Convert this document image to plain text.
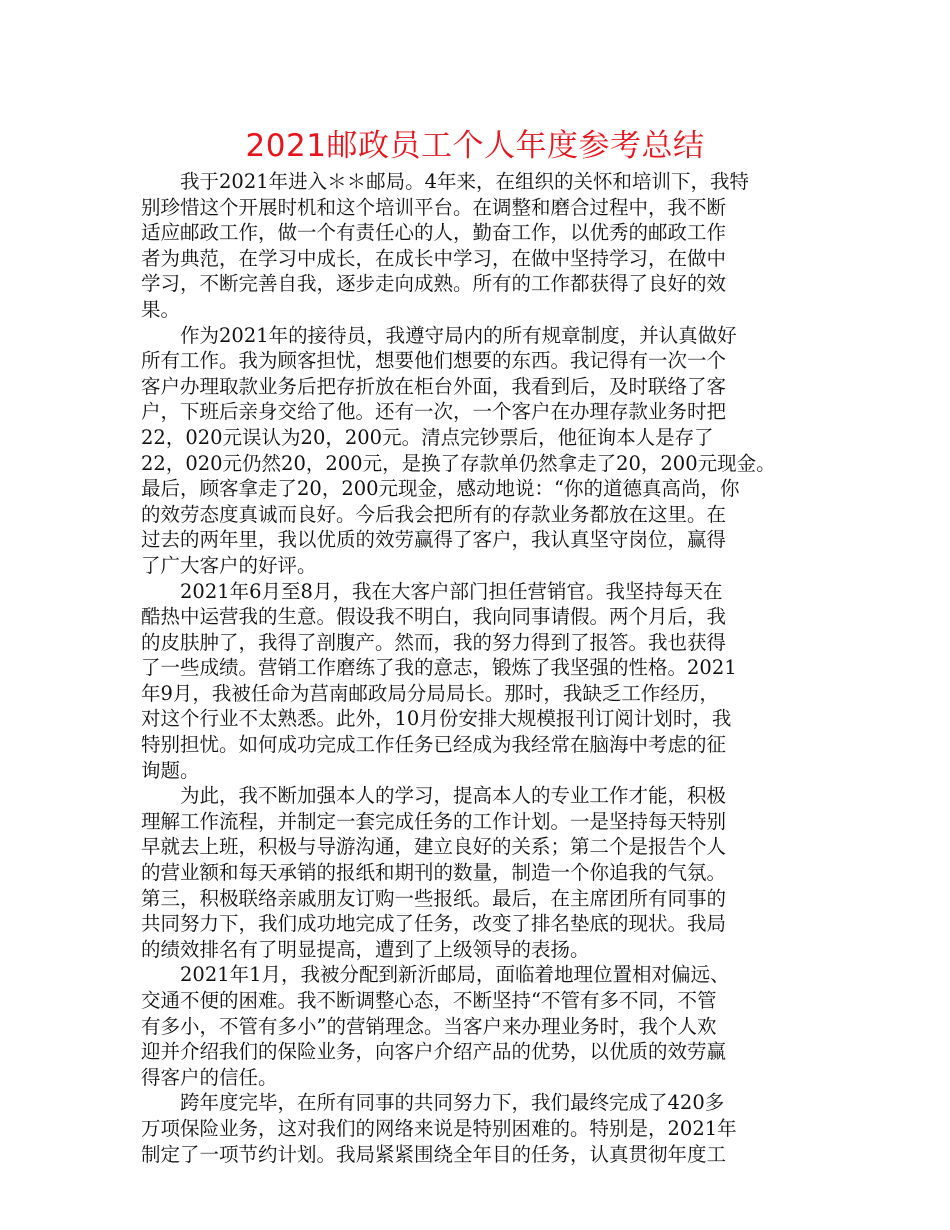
2021邮政员工个人年度参考总结
我于2021年进入＊＊邮局。4年来，在组织的关怀和培训下，我特
别珍惜这个开展时机和这个培训平台。在调整和磨合过程中，我不断
适应邮政工作，做一个有责任心的人，勤奋工作，以优秀的邮政工作
者为典范，在学习中成长，在成长中学习，在做中坚持学习，在做中
学习，不断完善自我，逐步走向成熟。所有的工作都获得了良好的效
果。
作为2021年的接待员，我遵守局内的所有规章制度，并认真做好
所有工作。我为顾客担忧，想要他们想要的东西。我记得有一次一个
客户办理取款业务后把存折放在柜台外面，我看到后，及时联络了客
户，下班后亲身交给了他。还有一次，一个客户在办理存款业务时把
22，020元误认为20，200元。清点完钞票后，他征询本人是存了
22，020元仍然20，200元，是换了存款单仍然拿走了20，200元现金。
最后，顾客拿走了20，200元现金，感动地说：“你的道德真高尚，你
的效劳态度真诚而良好。今后我会把所有的存款业务都放在这里。在
过去的两年里，我以优质的效劳赢得了客户，我认真坚守岗位，赢得
了广大客户的好评。
2021年6月至8月，我在大客户部门担任营销官。我坚持每天在
酷热中运营我的生意。假设我不明白，我向同事请假。两个月后，我
的皮肤肿了，我得了剖腹产。然而，我的努力得到了报答。我也获得
了一些成绩。营销工作磨练了我的意志，锻炼了我坚强的性格。2021
年9月，我被任命为莒南邮政局分局局长。那时，我缺乏工作经历，
对这个行业不太熟悉。此外，10月份安排大规模报刊订阅计划时，我
特别担忧。如何成功完成工作任务已经成为我经常在脑海中考虑的征
询题。
为此，我不断加强本人的学习，提高本人的专业工作才能，积极
理解工作流程，并制定一套完成任务的工作计划。一是坚持每天特别
早就去上班，积极与导游沟通，建立良好的关系；第二个是报告个人
的营业额和每天承销的报纸和期刊的数量，制造一个你追我的气氛。
第三，积极联络亲戚朋友订购一些报纸。最后，在主席团所有同事的
共同努力下，我们成功地完成了任务，改变了排名垫底的现状。我局
的绩效排名有了明显提高，遭到了上级领导的表扬。
2021年1月，我被分配到新沂邮局，面临着地理位置相对偏远、
交通不便的困难。我不断调整心态，不断坚持“不管有多不同，不管
有多小，不管有多小”的营销理念。当客户来办理业务时，我个人欢
迎并介绍我们的保险业务，向客户介绍产品的优势，以优质的效劳赢
得客户的信任。
跨年度完毕，在所有同事的共同努力下，我们最终完成了420多
万项保险业务，这对我们的网络来说是特别困难的。特别是，2021年
制定了一项节约计划。我局紧紧围绕全年目的任务，认真贯彻年度工
